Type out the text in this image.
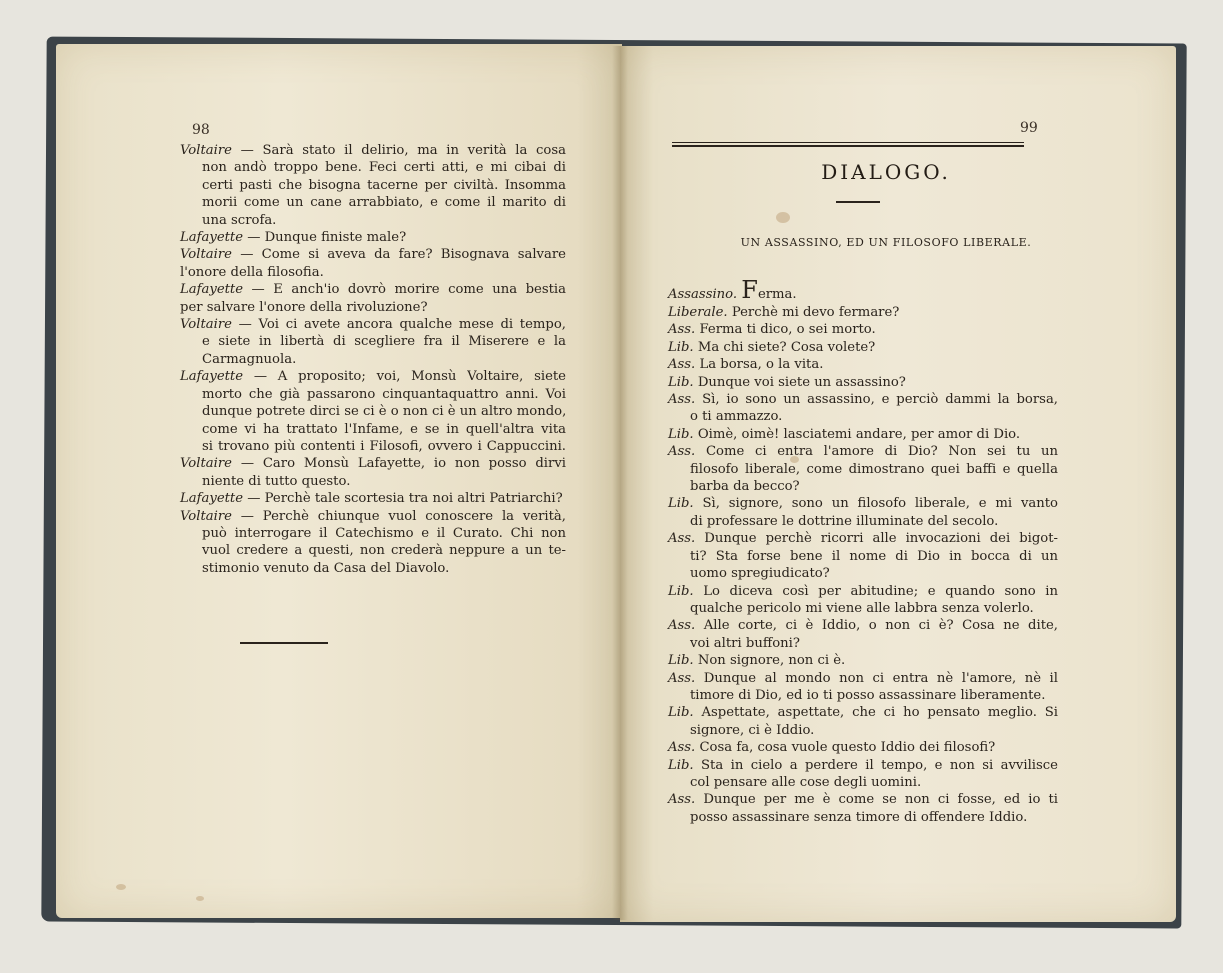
98
Voltaire — Sarà stato il delirio, ma in verità la cosa
non andò troppo bene. Feci certi atti, e mi cibai di
certi pasti che bisogna tacerne per civiltà. Insomma
morii come un cane arrabbiato, e come il marito di
una scrofa.
Lafayette — Dunque finiste male?
Voltaire — Come si aveva da fare? Bisognava salvare
l'onore della filosofia.
Lafayette — E anch'io dovrò morire come una bestia
per salvare l'onore della rivoluzione?
Voltaire — Voi ci avete ancora qualche mese di tempo,
e siete in libertà di scegliere fra il Miserere e la
Carmagnuola.
Lafayette — A proposito; voi, Monsù Voltaire, siete
morto che già passarono cinquantaquattro anni. Voi
dunque potrete dirci se ci è o non ci è un altro mondo,
come vi ha trattato l'Infame, e se in quell'altra vita
si trovano più contenti i Filosofi, ovvero i Cappuccini.
Voltaire — Caro Monsù Lafayette, io non posso dirvi
niente di tutto questo.
Lafayette — Perchè tale scortesia tra noi altri Patriarchi?
Voltaire — Perchè chiunque vuol conoscere la verità,
può interrogare il Catechismo e il Curato. Chi non
vuol credere a questi, non crederà neppure a un te-
stimonio venuto da Casa del Diavolo.
99
DIALOGO.
UN ASSASSINO, ED UN FILOSOFO LIBERALE.
Assassino. Ferma.
Liberale. Perchè mi devo fermare?
Ass. Ferma ti dico, o sei morto.
Lib. Ma chi siete? Cosa volete?
Ass. La borsa, o la vita.
Lib. Dunque voi siete un assassino?
Ass. Sì, io sono un assassino, e perciò dammi la borsa,
o ti ammazzo.
Lib. Oimè, oimè! lasciatemi andare, per amor di Dio.
Ass. Come ci entra l'amore di Dio? Non sei tu un
filosofo liberale, come dimostrano quei baffi e quella
barba da becco?
Lib. Sì, signore, sono un filosofo liberale, e mi vanto
di professare le dottrine illuminate del secolo.
Ass. Dunque perchè ricorri alle invocazioni dei bigot-
ti? Sta forse bene il nome di Dio in bocca di un
uomo spregiudicato?
Lib. Lo diceva così per abitudine; e quando sono in
qualche pericolo mi viene alle labbra senza volerlo.
Ass. Alle corte, ci è Iddio, o non ci è? Cosa ne dite,
voi altri buffoni?
Lib. Non signore, non ci è.
Ass. Dunque al mondo non ci entra nè l'amore, nè il
timore di Dio, ed io ti posso assassinare liberamente.
Lib. Aspettate, aspettate, che ci ho pensato meglio. Si
signore, ci è Iddio.
Ass. Cosa fa, cosa vuole questo Iddio dei filosofi?
Lib. Sta in cielo a perdere il tempo, e non si avvilisce
col pensare alle cose degli uomini.
Ass. Dunque per me è come se non ci fosse, ed io ti
posso assassinare senza timore di offendere Iddio.
